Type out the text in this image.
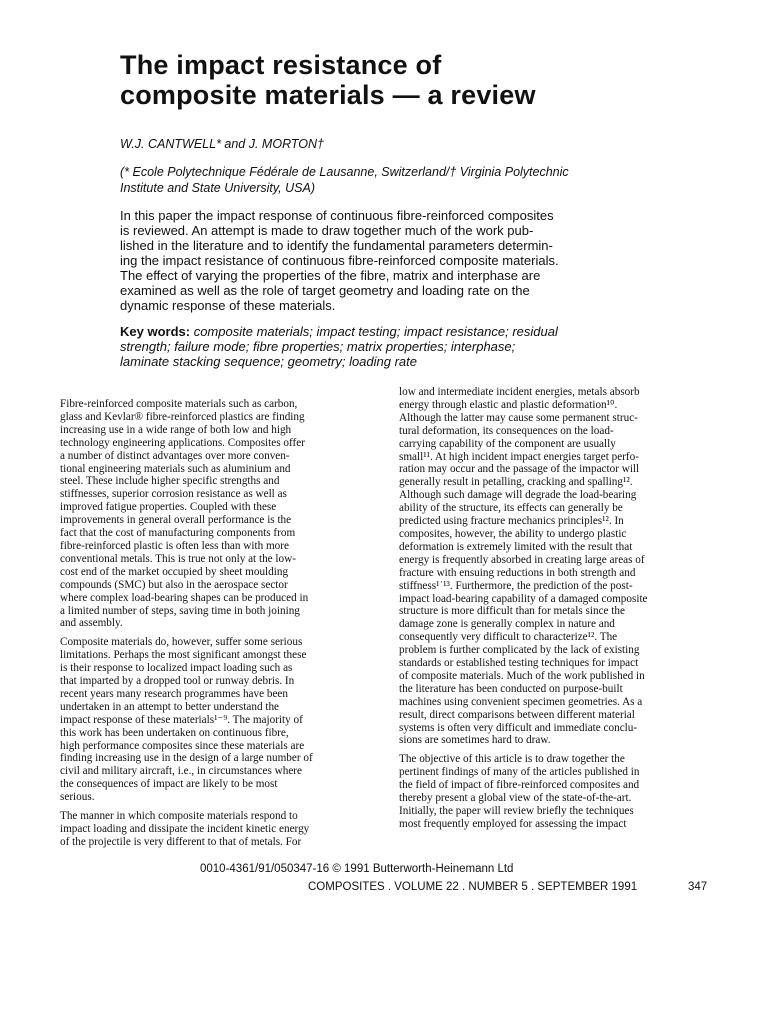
The impact resistance of
composite materials — a review

W.J. CANTWELL* and J. MORTON†

(* Ecole Polytechnique Fédérale de Lausanne, Switzerland/† Virginia Polytechnic
Institute and State University, USA)

In this paper the impact response of continuous fibre-reinforced composites
is reviewed. An attempt is made to draw together much of the work pub-
lished in the literature and to identify the fundamental parameters determin-
ing the impact resistance of continuous fibre-reinforced composite materials.
The effect of varying the properties of the fibre, matrix and interphase are
examined as well as the role of target geometry and loading rate on the
dynamic response of these materials.
Key words: composite materials; impact testing; impact resistance; residual
strength; failure mode; fibre properties; matrix properties; interphase;
laminate stacking sequence; geometry; loading rate

Fibre-reinforced composite materials such as carbon,
glass and Kevlar® fibre-reinforced plastics are finding
increasing use in a wide range of both low and high
technology engineering applications. Composites offer
a number of distinct advantages over more conven-
tional engineering materials such as aluminium and
steel. These include higher specific strengths and
stiffnesses, superior corrosion resistance as well as
improved fatigue properties. Coupled with these
improvements in general overall performance is the
fact that the cost of manufacturing components from
fibre-reinforced plastic is often less than with more
conventional metals. This is true not only at the low-
cost end of the market occupied by sheet moulding
compounds (SMC) but also in the aerospace sector
where complex load-bearing shapes can be produced in
a limited number of steps, saving time in both joining
and assembly.

Composite materials do, however, suffer some serious
limitations. Perhaps the most significant amongst these
is their response to localized impact loading such as
that imparted by a dropped tool or runway debris. In
recent years many research programmes have been
undertaken in an attempt to better understand the
impact response of these materials¹⁻⁹. The majority of
this work has been undertaken on continuous fibre,
high performance composites since these materials are
finding increasing use in the design of a large number of
civil and military aircraft, i.e., in circumstances where
the consequences of impact are likely to be most
serious.

The manner in which composite materials respond to
impact loading and dissipate the incident kinetic energy
of the projectile is very different to that of metals. For

low and intermediate incident energies, metals absorb
energy through elastic and plastic deformation¹⁰.
Although the latter may cause some permanent struc-
tural deformation, its consequences on the load-
carrying capability of the component are usually
small¹¹. At high incident impact energies target perfo-
ration may occur and the passage of the impactor will
generally result in petalling, cracking and spalling¹².
Although such damage will degrade the load-bearing
ability of the structure, its effects can generally be
predicted using fracture mechanics principles¹². In
composites, however, the ability to undergo plastic
deformation is extremely limited with the result that
energy is frequently absorbed in creating large areas of
fracture with ensuing reductions in both strength and
stiffness¹˙¹³. Furthermore, the prediction of the post-
impact load-bearing capability of a damaged composite
structure is more difficult than for metals since the
damage zone is generally complex in nature and
consequently very difficult to characterize¹². The
problem is further complicated by the lack of existing
standards or established testing techniques for impact
of composite materials. Much of the work published in
the literature has been conducted on purpose-built
machines using convenient specimen geometries. As a
result, direct comparisons between different material
systems is often very difficult and immediate conclu-
sions are sometimes hard to draw.

The objective of this article is to draw together the
pertinent findings of many of the articles published in
the field of impact of fibre-reinforced composites and
thereby present a global view of the state-of-the-art.
Initially, the paper will review briefly the techniques
most frequently employed for assessing the impact

0010-4361/91/050347-16 © 1991 Butterworth-Heinemann Ltd

COMPOSITES . VOLUME 22 . NUMBER 5 . SEPTEMBER 1991	347
